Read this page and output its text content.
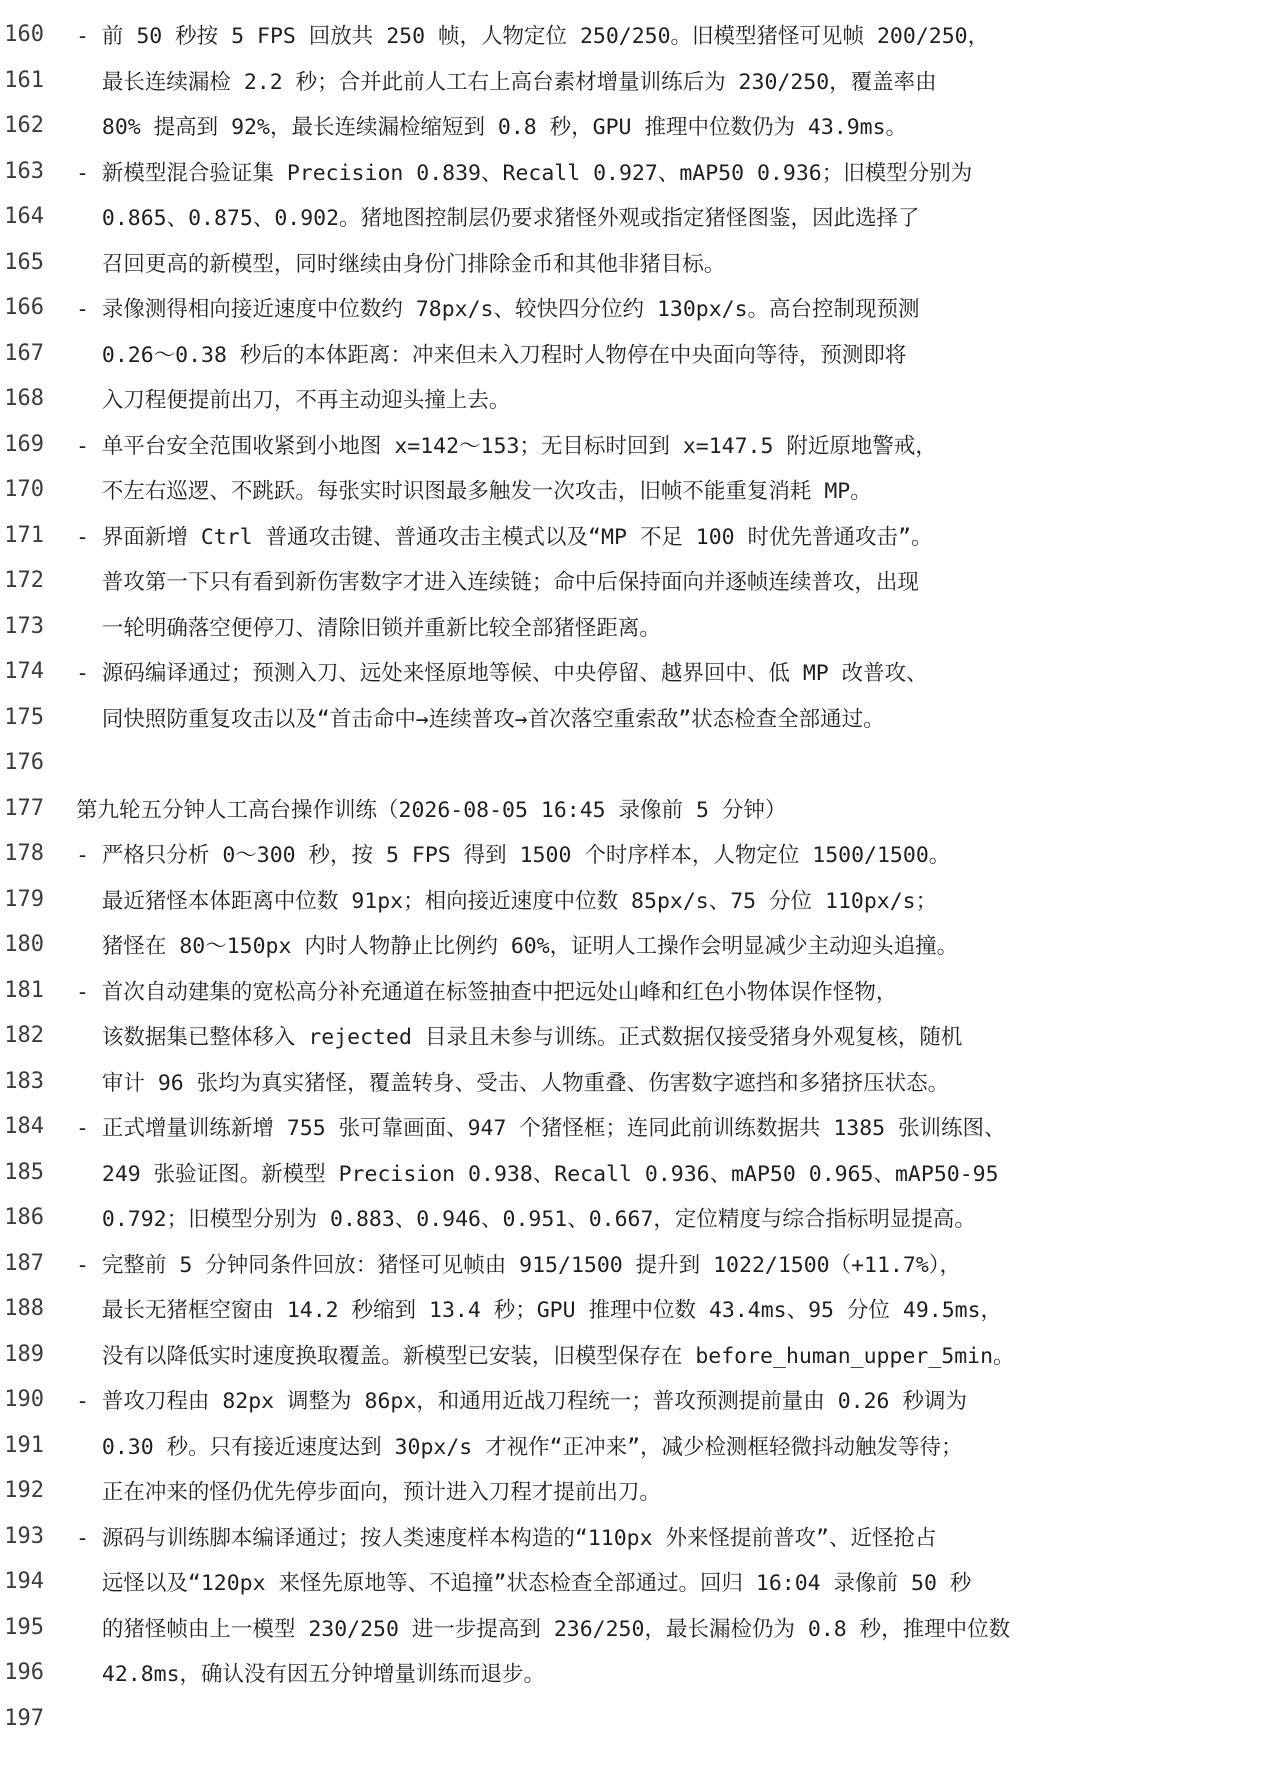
160	- 前 50 秒按 5 FPS 回放共 250 帧，人物定位 250/250。旧模型猪怪可见帧 200/250，
161	最长连续漏检 2.2 秒；合并此前人工右上高台素材增量训练后为 230/250，覆盖率由
162	80% 提高到 92%，最长连续漏检缩短到 0.8 秒，GPU 推理中位数仍为 43.9ms。
163	- 新模型混合验证集 Precision 0.839、Recall 0.927、mAP50 0.936；旧模型分别为
164	0.865、0.875、0.902。猪地图控制层仍要求猪怪外观或指定猪怪图鉴，因此选择了
165	召回更高的新模型，同时继续由身份门排除金币和其他非猪目标。
166	- 录像测得相向接近速度中位数约 78px/s、较快四分位约 130px/s。高台控制现预测
167	0.26～0.38 秒后的本体距离：冲来但未入刀程时人物停在中央面向等待，预测即将
168	入刀程便提前出刀，不再主动迎头撞上去。
169	- 单平台安全范围收紧到小地图 x=142～153；无目标时回到 x=147.5 附近原地警戒，
170	不左右巡逻、不跳跃。每张实时识图最多触发一次攻击，旧帧不能重复消耗 MP。
171	- 界面新增 Ctrl 普通攻击键、普通攻击主模式以及“MP 不足 100 时优先普通攻击”。
172	普攻第一下只有看到新伤害数字才进入连续链；命中后保持面向并逐帧连续普攻，出现
173	一轮明确落空便停刀、清除旧锁并重新比较全部猪怪距离。
174	- 源码编译通过；预测入刀、远处来怪原地等候、中央停留、越界回中、低 MP 改普攻、
175	同快照防重复攻击以及“首击命中→连续普攻→首次落空重索敌”状态检查全部通过。
176
177	第九轮五分钟人工高台操作训练（2026-08-05 16:45 录像前 5 分钟）
178	- 严格只分析 0～300 秒，按 5 FPS 得到 1500 个时序样本，人物定位 1500/1500。
179	最近猪怪本体距离中位数 91px；相向接近速度中位数 85px/s、75 分位 110px/s；
180	猪怪在 80～150px 内时人物静止比例约 60%，证明人工操作会明显减少主动迎头追撞。
181	- 首次自动建集的宽松高分补充通道在标签抽查中把远处山峰和红色小物体误作怪物，
182	该数据集已整体移入 rejected 目录且未参与训练。正式数据仅接受猪身外观复核，随机
183	审计 96 张均为真实猪怪，覆盖转身、受击、人物重叠、伤害数字遮挡和多猪挤压状态。
184	- 正式增量训练新增 755 张可靠画面、947 个猪怪框；连同此前训练数据共 1385 张训练图、
185	249 张验证图。新模型 Precision 0.938、Recall 0.936、mAP50 0.965、mAP50-95
186	0.792；旧模型分别为 0.883、0.946、0.951、0.667，定位精度与综合指标明显提高。
187	- 完整前 5 分钟同条件回放：猪怪可见帧由 915/1500 提升到 1022/1500（+11.7%），
188	最长无猪框空窗由 14.2 秒缩到 13.4 秒；GPU 推理中位数 43.4ms、95 分位 49.5ms，
189	没有以降低实时速度换取覆盖。新模型已安装，旧模型保存在 before_human_upper_5min。
190	- 普攻刀程由 82px 调整为 86px，和通用近战刀程统一；普攻预测提前量由 0.26 秒调为
191	0.30 秒。只有接近速度达到 30px/s 才视作“正冲来”，减少检测框轻微抖动触发等待；
192	正在冲来的怪仍优先停步面向，预计进入刀程才提前出刀。
193	- 源码与训练脚本编译通过；按人类速度样本构造的“110px 外来怪提前普攻”、近怪抢占
194	远怪以及“120px 来怪先原地等、不追撞”状态检查全部通过。回归 16:04 录像前 50 秒
195	的猪怪帧由上一模型 230/250 进一步提高到 236/250，最长漏检仍为 0.8 秒，推理中位数
196	42.8ms，确认没有因五分钟增量训练而退步。
197
